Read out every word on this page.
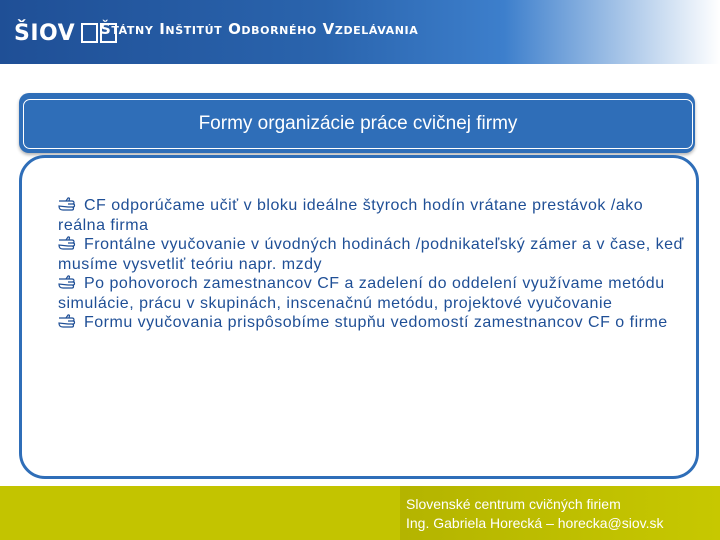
ŠIOV Štátny Inštitút Odborného Vzdelávania
Formy organizácie práce cvičnej firmy

CF odporúčame učiť v bloku ideálne štyroch hodín vrátane prestávok /ako reálna firma

Frontálne vyučovanie v úvodných hodinách /podnikateľský zámer a v čase, keď musíme vysvetliť teóriu napr. mzdy

Po pohovoroch zamestnancov CF a zadelení do oddelení využívame metódu simulácie, prácu v skupinách, inscenačnú metódu, projektové vyučovanie

Formu vyučovania prispôsobíme stupňu vedomostí zamestnancov CF o firme

Slovenské centrum cvičných firiem
Ing. Gabriela Horecká – horecka@siov.sk
